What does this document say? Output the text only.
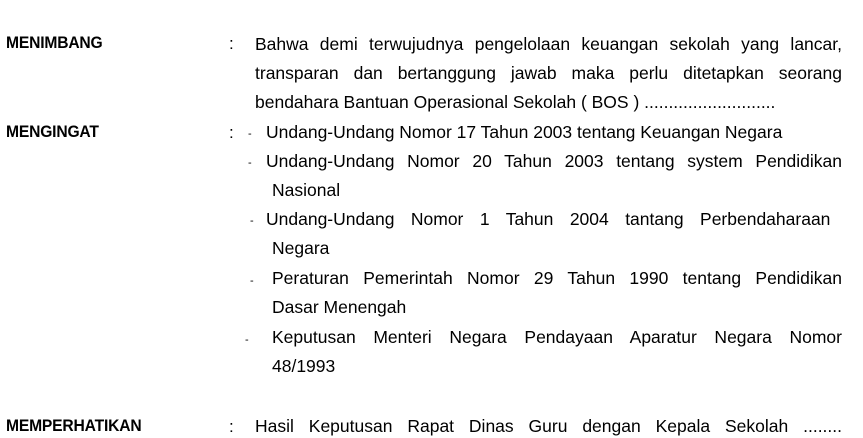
MENIMBANG	: Bahwa demi terwujudnya pengelolaan keuangan sekolah yang lancar,
transparan dan bertanggung jawab maka perlu ditetapkan seorang
bendahara Bantuan Operasional Sekolah ( BOS ) ...........................
MENGINGAT	: - Undang-Undang Nomor 17 Tahun 2003 tentang Keuangan Negara
- Undang-Undang Nomor 20 Tahun 2003 tentang system Pendidikan
Nasional
- Undang-Undang Nomor 1 Tahun 2004 tantang Perbendaharaan
Negara
- Peraturan Pemerintah Nomor 29 Tahun 1990 tentang Pendidikan
Dasar Menengah
- Keputusan Menteri Negara Pendayaan Aparatur Negara Nomor
48/1993
MEMPERHATIKAN	: Hasil Keputusan Rapat Dinas Guru dengan Kepala Sekolah ........
